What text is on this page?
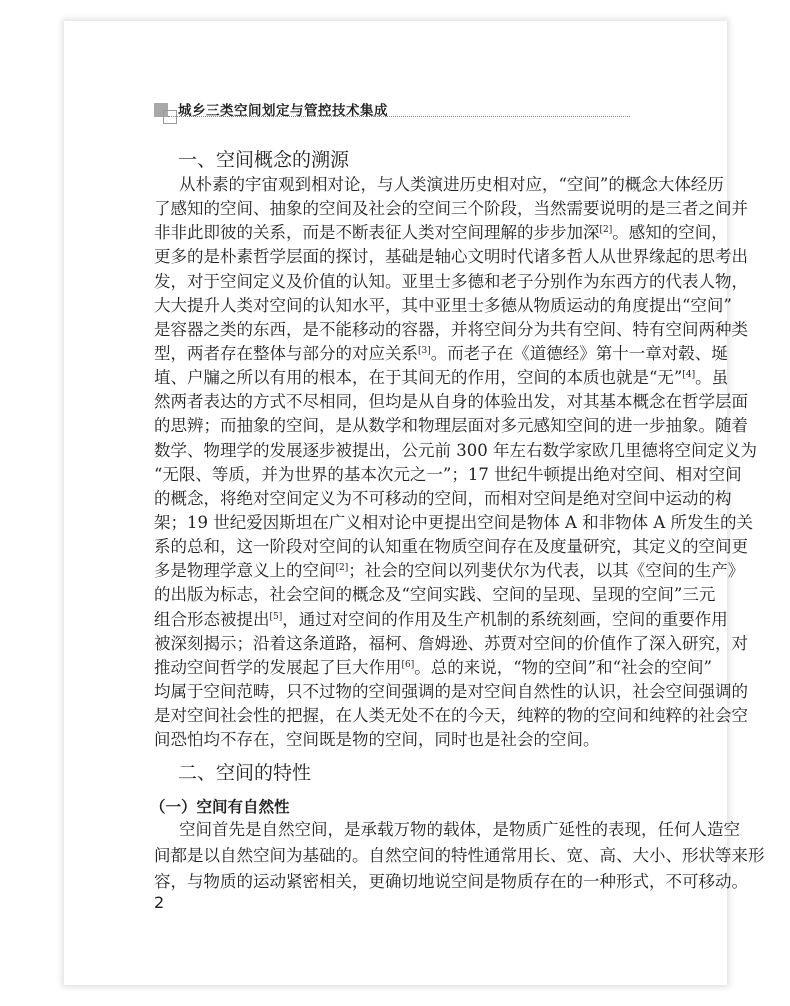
城乡三类空间划定与管控技术集成
一、空间概念的溯源
从朴素的宇宙观到相对论，与人类演进历史相对应，“空间”的概念大体经历
了感知的空间、抽象的空间及社会的空间三个阶段，当然需要说明的是三者之间并
非非此即彼的关系，而是不断表征人类对空间理解的步步加深[2]。感知的空间，
更多的是朴素哲学层面的探讨，基础是轴心文明时代诸多哲人从世界缘起的思考出
发，对于空间定义及价值的认知。亚里士多德和老子分别作为东西方的代表人物，
大大提升人类对空间的认知水平，其中亚里士多德从物质运动的角度提出“空间”
是容器之类的东西，是不能移动的容器，并将空间分为共有空间、特有空间两种类
型，两者存在整体与部分的对应关系[3]。而老子在《道德经》第十一章对毂、埏
埴、户牖之所以有用的根本，在于其间无的作用，空间的本质也就是“无”[4]。虽
然两者表达的方式不尽相同，但均是从自身的体验出发，对其基本概念在哲学层面
的思辨；而抽象的空间，是从数学和物理层面对多元感知空间的进一步抽象。随着
数学、物理学的发展逐步被提出，公元前 300 年左右数学家欧几里德将空间定义为
“无限、等质，并为世界的基本次元之一”；17 世纪牛顿提出绝对空间、相对空间
的概念，将绝对空间定义为不可移动的空间，而相对空间是绝对空间中运动的构
架；19 世纪爱因斯坦在广义相对论中更提出空间是物体 A 和非物体 A 所发生的关
系的总和，这一阶段对空间的认知重在物质空间存在及度量研究，其定义的空间更
多是物理学意义上的空间[2]；社会的空间以列斐伏尔为代表，以其《空间的生产》
的出版为标志，社会空间的概念及“空间实践、空间的呈现、呈现的空间”三元
组合形态被提出[5]，通过对空间的作用及生产机制的系统刻画，空间的重要作用
被深刻揭示；沿着这条道路，福柯、詹姆逊、苏贾对空间的价值作了深入研究，对
推动空间哲学的发展起了巨大作用[6]。总的来说，“物的空间”和“社会的空间”
均属于空间范畴，只不过物的空间强调的是对空间自然性的认识，社会空间强调的
是对空间社会性的把握，在人类无处不在的今天，纯粹的物的空间和纯粹的社会空
间恐怕均不存在，空间既是物的空间，同时也是社会的空间。
二、空间的特性
（一）空间有自然性
空间首先是自然空间，是承载万物的载体，是物质广延性的表现，任何人造空
间都是以自然空间为基础的。自然空间的特性通常用长、宽、高、大小、形状等来形
容，与物质的运动紧密相关，更确切地说空间是物质存在的一种形式，不可移动。
2
